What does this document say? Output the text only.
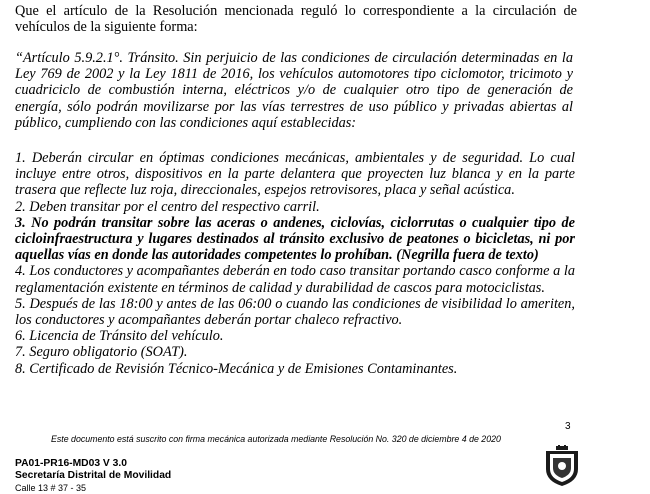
Que el artículo de la Resolución mencionada reguló lo correspondiente a la circulación de vehículos de la siguiente forma:

“Artículo 5.9.2.1°. Tránsito. Sin perjuicio de las condiciones de circulación determinadas en la Ley 769 de 2002 y la Ley 1811 de 2016, los vehículos automotores tipo ciclomotor, tricimoto y cuadriciclo de combustión interna, eléctricos y/o de cualquier otro tipo de generación de energía, sólo podrán movilizarse por las vías terrestres de uso público y privadas abiertas al público, cumpliendo con las condiciones aquí establecidas:

1. Deberán circular en óptimas condiciones mecánicas, ambientales y de seguridad. Lo cual incluye entre otros, dispositivos en la parte delantera que proyecten luz blanca y en la parte trasera que reflecte luz roja, direccionales, espejos retrovisores, placa y señal acústica.

2. Deben transitar por el centro del respectivo carril.

3. No podrán transitar sobre las aceras o andenes, ciclovías, ciclorrutas o cualquier tipo de cicloinfraestructura y lugares destinados al tránsito exclusivo de peatones o bicicletas, ni por aquellas vías en donde las autoridades competentes lo prohíban. (Negrilla fuera de texto)

4. Los conductores y acompañantes deberán en todo caso transitar portando casco conforme a la reglamentación existente en términos de calidad y durabilidad de cascos para motociclistas.

5. Después de las 18:00 y antes de las 06:00 o cuando las condiciones de visibilidad lo ameriten, los conductores y acompañantes deberán portar chaleco refractivo.

6. Licencia de Tránsito del vehículo.

7. Seguro obligatorio (SOAT).

8. Certificado de Revisión Técnico-Mecánica y de Emisiones Contaminantes.

3
Este documento está suscrito con firma mecánica autorizada mediante Resolución No. 320 de diciembre 4 de 2020
PA01-PR16-MD03 V 3.0
Secretaría Distrital de Movilidad
Calle 13 # 37 - 35
